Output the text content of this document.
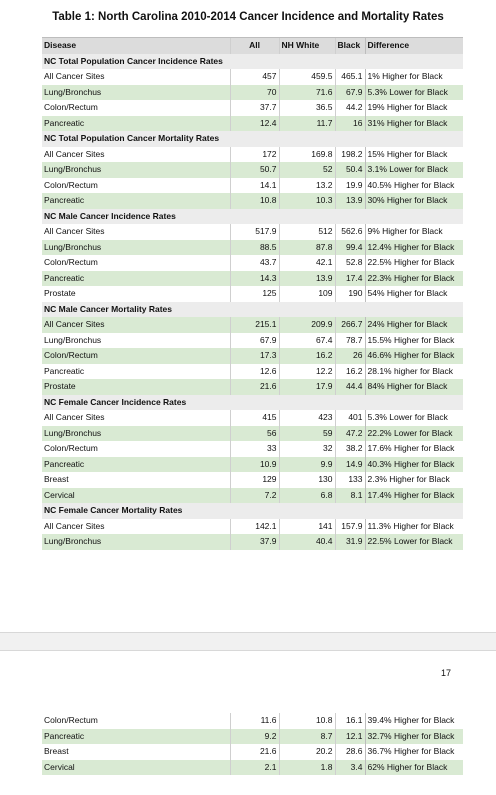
Table 1: North Carolina 2010-2014 Cancer Incidence and Mortality Rates
Disease	All	NH White	Black	Difference
NC Total Population Cancer Incidence Rates				
All Cancer Sites	457	459.5	465.1	1% Higher for Black
Lung/Bronchus	70	71.6	67.9	5.3% Lower for Black
Colon/Rectum	37.7	36.5	44.2	19% Higher for Black
Pancreatic	12.4	11.7	16	31% Higher for Black
NC Total Population Cancer Mortality Rates				
All Cancer Sites	172	169.8	198.2	15% Higher for Black
Lung/Bronchus	50.7	52	50.4	3.1% Lower for Black
Colon/Rectum	14.1	13.2	19.9	40.5% Higher for Black
Pancreatic	10.8	10.3	13.9	30% Higher for Black
NC Male Cancer Incidence Rates				
All Cancer Sites	517.9	512	562.6	9% Higher for Black
Lung/Bronchus	88.5	87.8	99.4	12.4% Higher for Black
Colon/Rectum	43.7	42.1	52.8	22.5% Higher for Black
Pancreatic	14.3	13.9	17.4	22.3% Higher for Black
Prostate	125	109	190	54% Higher for Black
NC Male Cancer Mortality Rates				
All Cancer Sites	215.1	209.9	266.7	24% Higher for Black
Lung/Bronchus	67.9	67.4	78.7	15.5% Higher for Black
Colon/Rectum	17.3	16.2	26	46.6% Higher for Black
Pancreatic	12.6	12.2	16.2	28.1% higher for Black
Prostate	21.6	17.9	44.4	84% Higher for Black
NC Female Cancer Incidence Rates				
All Cancer Sites	415	423	401	5.3% Lower for Black
Lung/Bronchus	56	59	47.2	22.2% Lower for Black
Colon/Rectum	33	32	38.2	17.6% Higher for Black
Pancreatic	10.9	9.9	14.9	40.3% Higher for Black
Breast	129	130	133	2.3% Higher for Black
Cervical	7.2	6.8	8.1	17.4% Higher for Black
NC Female Cancer Mortality Rates				
All Cancer Sites	142.1	141	157.9	11.3% Higher for Black
Lung/Bronchus	37.9	40.4	31.9	22.5% Lower for Black
17
Colon/Rectum	11.6	10.8	16.1	39.4% Higher for Black
Pancreatic	9.2	8.7	12.1	32.7% Higher for Black
Breast	21.6	20.2	28.6	36.7% Higher for Black
Cervical	2.1	1.8	3.4	62% Higher for Black
